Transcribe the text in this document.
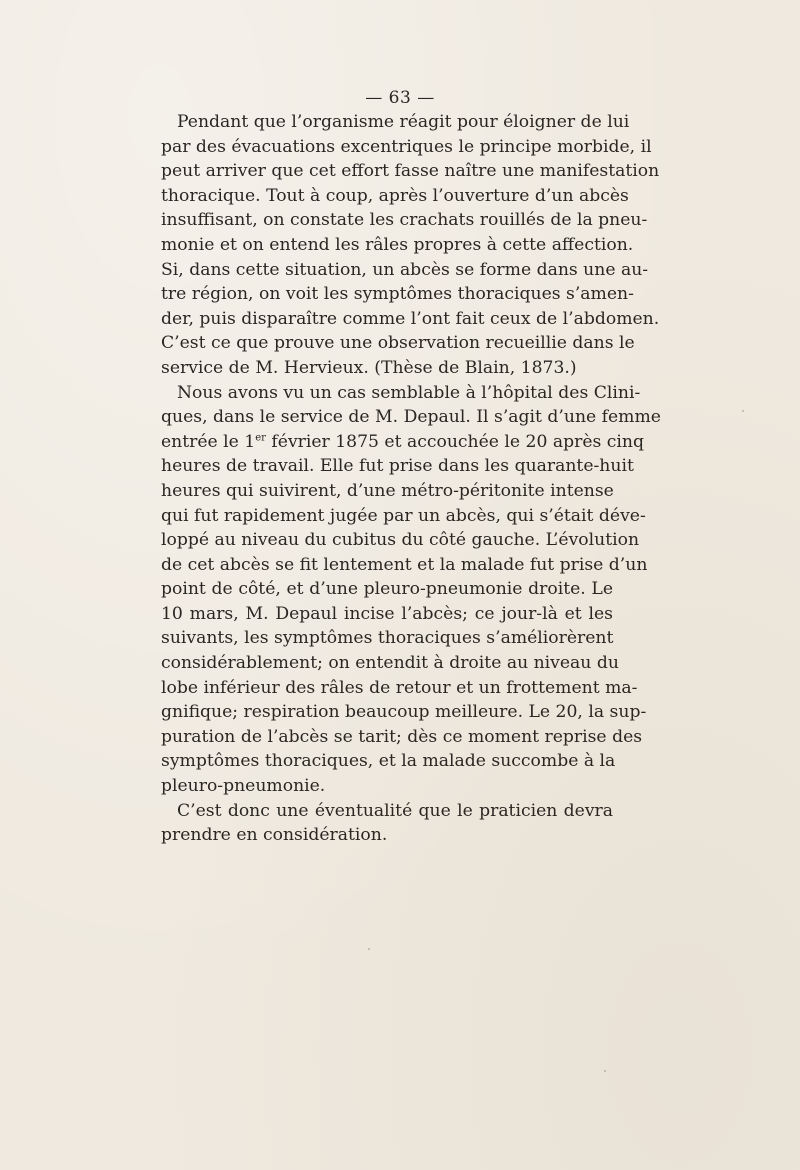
— 63 —
Pendant que l’organisme réagit pour éloigner de lui
par des évacuations excentriques le principe morbide, il
peut arriver que cet effort fasse naître une manifestation
thoracique. Tout à coup, après l’ouverture d’un abcès
insuffisant, on constate les crachats rouillés de la pneu-
monie et on entend les râles propres à cette affection.
Si, dans cette situation, un abcès se forme dans une au-
tre région, on voit les symptômes thoraciques s’amen-
der, puis disparaître comme l’ont fait ceux de l’abdomen.
C’est ce que prouve une observation recueillie dans le
service de M. Hervieux. (Thèse de Blain, 1873.)
Nous avons vu un cas semblable à l’hôpital des Clini-
ques, dans le service de M. Depaul. Il s’agit d’une femme
entrée le 1er février 1875 et accouchée le 20 après cinq
heures de travail. Elle fut prise dans les quarante-huit
heures qui suivirent, d’une métro-péritonite intense
qui fut rapidement jugée par un abcès, qui s’était déve-
loppé au niveau du cubitus du côté gauche. L’évolution
de cet abcès se fit lentement et la malade fut prise d’un
point de côté, et d’une pleuro-pneumonie droite. Le
10 mars, M. Depaul incise l’abcès; ce jour-là et les
suivants, les symptômes thoraciques s’améliorèrent
considérablement; on entendit à droite au niveau du
lobe inférieur des râles de retour et un frottement ma-
gnifique; respiration beaucoup meilleure. Le 20, la sup-
puration de l’abcès se tarit; dès ce moment reprise des
symptômes thoraciques, et la malade succombe à la
pleuro-pneumonie.
C’est donc une éventualité que le praticien devra
prendre en considération.
